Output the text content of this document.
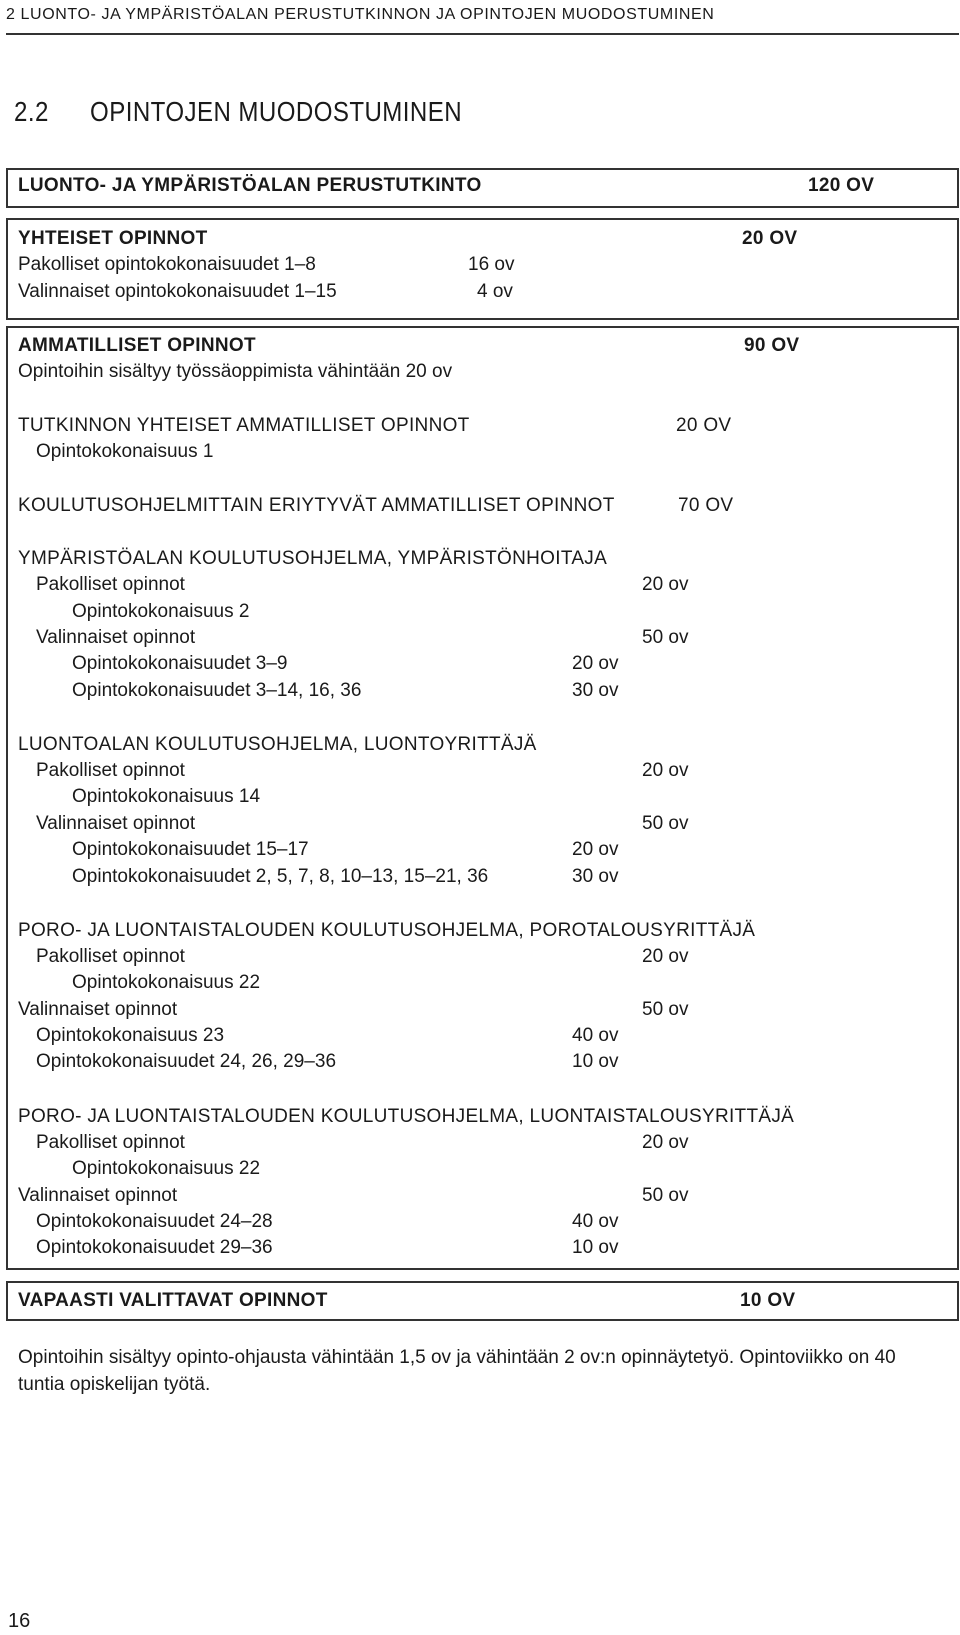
2 LUONTO- JA YMPÄRISTÖALAN PERUSTUTKINNON JA OPINTOJEN MUODOSTUMINEN
2.2 OPINTOJEN MUODOSTUMINEN
LUONTO- JA YMPÄRISTÖALAN PERUSTUTKINTO	120 OV
YHTEISET OPINNOT	20 OV
Pakolliset opintokokonaisuudet 1–8	16 ov
Valinnaiset opintokokonaisuudet 1–15	4 ov
AMMATILLISET OPINNOT	90 OV
Opintoihin sisältyy työssäoppimista vähintään 20 ov
TUTKINNON YHTEISET AMMATILLISET OPINNOT	20 OV
Opintokokonaisuus 1
KOULUTUSOHJELMITTAIN ERIYTYVÄT AMMATILLISET OPINNOT	70 OV
YMPÄRISTÖALAN KOULUTUSOHJELMA, YMPÄRISTÖNHOITAJA
Pakolliset opinnot	20 ov
Opintokokonaisuus 2
Valinnaiset opinnot	50 ov
Opintokokonaisuudet 3–9	20 ov
Opintokokonaisuudet 3–14, 16, 36	30 ov
LUONTOALAN KOULUTUSOHJELMA, LUONTOYRITTÄJÄ
Pakolliset opinnot	20 ov
Opintokokonaisuus 14
Valinnaiset opinnot	50 ov
Opintokokonaisuudet 15–17	20 ov
Opintokokonaisuudet 2, 5, 7, 8, 10–13, 15–21, 36	30 ov
PORO- JA LUONTAISTALOUDEN KOULUTUSOHJELMA, POROTALOUSYRITTÄJÄ
Pakolliset opinnot	20 ov
Opintokokonaisuus 22
Valinnaiset opinnot	50 ov
Opintokokonaisuus 23	40 ov
Opintokokonaisuudet 24, 26, 29–36	10 ov
PORO- JA LUONTAISTALOUDEN KOULUTUSOHJELMA, LUONTAISTALOUSYRITTÄJÄ
Pakolliset opinnot	20 ov
Opintokokonaisuus 22
Valinnaiset opinnot	50 ov
Opintokokonaisuudet 24–28	40 ov
Opintokokonaisuudet 29–36	10 ov
VAPAASTI VALITTAVAT OPINNOT	10 OV
Opintoihin sisältyy opinto-ohjausta vähintään 1,5 ov ja vähintään 2 ov:n opinnäytetyö. Opintoviikko on 40 tuntia opiskelijan työtä.
16
